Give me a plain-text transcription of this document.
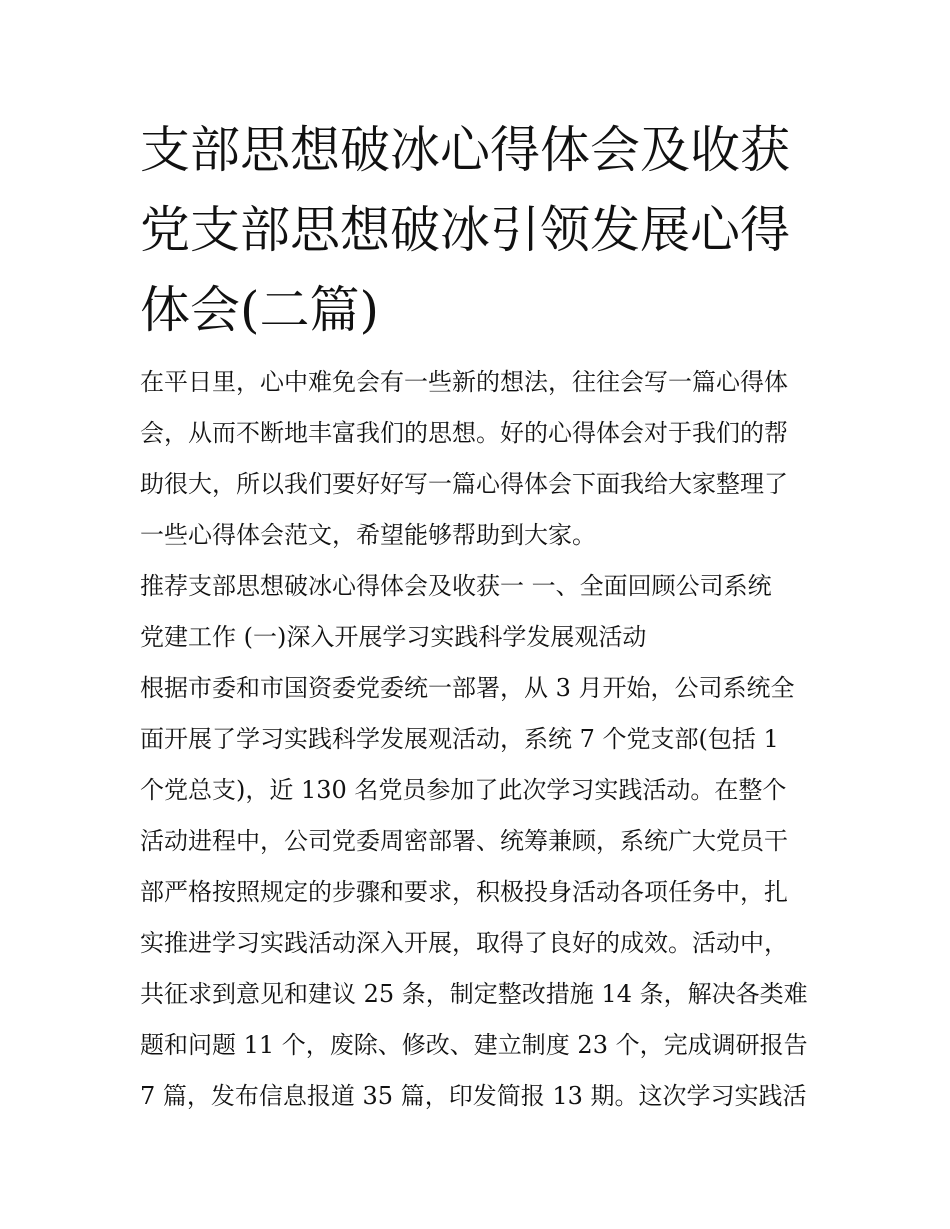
支部思想破冰心得体会及收获
党支部思想破冰引领发展心得
体会(二篇)
在平日里，心中难免会有一些新的想法，往往会写一篇心得体
会，从而不断地丰富我们的思想。好的心得体会对于我们的帮
助很大，所以我们要好好写一篇心得体会下面我给大家整理了
一些心得体会范文，希望能够帮助到大家。
推荐支部思想破冰心得体会及收获一 一、全面回顾公司系统
党建工作 (一)深入开展学习实践科学发展观活动
根据市委和市国资委党委统一部署，从 3 月开始，公司系统全
面开展了学习实践科学发展观活动，系统 7 个党支部(包括 1
个党总支)，近 130 名党员参加了此次学习实践活动。在整个
活动进程中，公司党委周密部署、统筹兼顾，系统广大党员干
部严格按照规定的步骤和要求，积极投身活动各项任务中，扎
实推进学习实践活动深入开展，取得了良好的成效。活动中，
共征求到意见和建议 25 条，制定整改措施 14 条，解决各类难
题和问题 11 个，废除、修改、建立制度 23 个，完成调研报告
7 篇，发布信息报道 35 篇，印发简报 13 期。这次学习实践活
